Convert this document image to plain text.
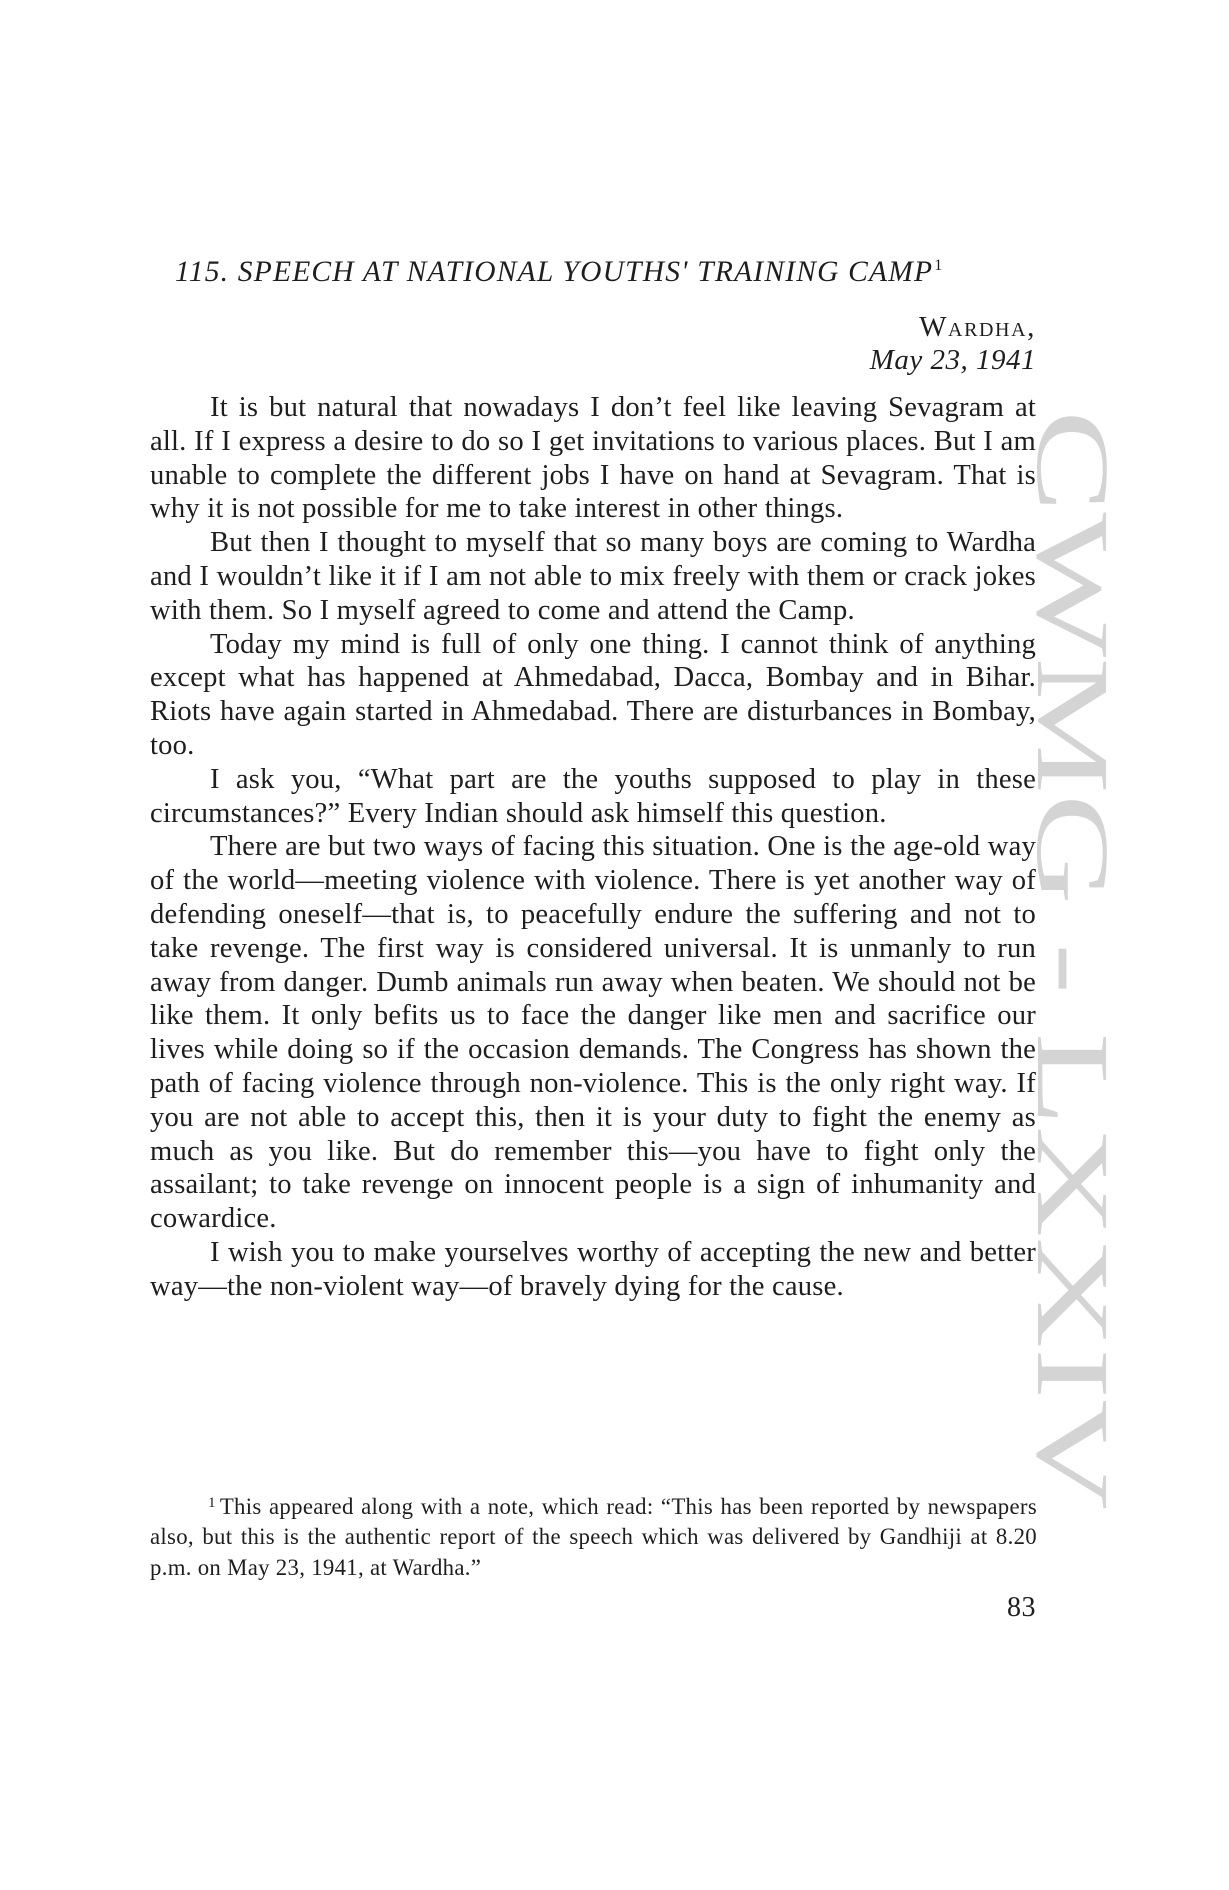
CWMG - LXXIV
115. SPEECH AT NATIONAL YOUTHS' TRAINING CAMP$^1$
Wardha,
May 23, 1941

It is but natural that nowadays I don’t feel like leaving Sevagram at all. If I express a desire to do so I get invitations to various places. But I am unable to complete the different jobs I have on hand at Sevagram. That is why it is not possible for me to take interest in other things.

But then I thought to myself that so many boys are coming to Wardha and I wouldn’t like it if I am not able to mix freely with them or crack jokes with them. So I myself agreed to come and attend the Camp.

Today my mind is full of only one thing. I cannot think of anything except what has happened at Ahmedabad, Dacca, Bombay and in Bihar. Riots have again started in Ahmedabad. There are disturbances in Bombay, too.

I ask you, “What part are the youths supposed to play in these circumstances?” Every Indian should ask himself this question.

There are but two ways of facing this situation. One is the age-old way of the world—meeting violence with violence. There is yet another way of defending oneself—that is, to peacefully endure the suffering and not to take revenge. The first way is considered universal. It is unmanly to run away from danger. Dumb animals run away when beaten. We should not be like them. It only befits us to face the danger like men and sacrifice our lives while doing so if the occasion demands. The Congress has shown the path of facing violence through non-violence. This is the only right way. If you are not able to accept this, then it is your duty to fight the enemy as much as you like. But do remember this—you have to fight only the assailant; to take revenge on innocent people is a sign of inhumanity and cowardice.

I wish you to make yourselves worthy of accepting the new and better way—the non-violent way—of bravely dying for the cause.

$^1$ This appeared along with a note, which read: “This has been reported by newspapers also, but this is the authentic report of the speech which was delivered by Gandhiji at 8.20 p.m. on May 23, 1941, at Wardha.”
83
